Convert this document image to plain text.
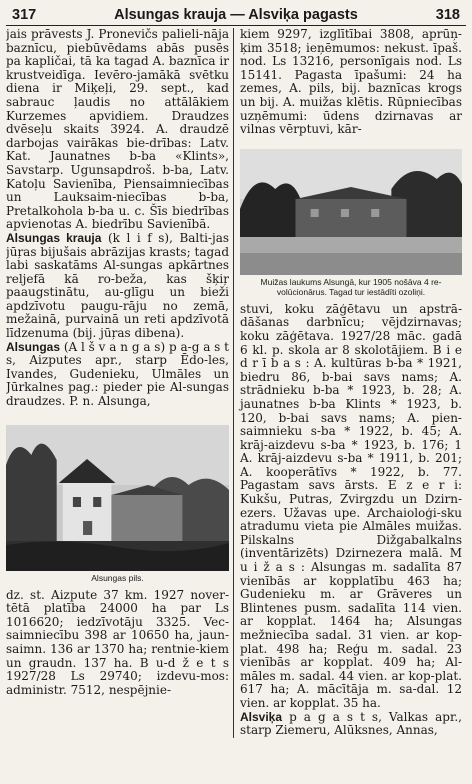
317	Alsungas krauja — Alsviķa pagasts	318

jais prāvests J. Pronevičs palieli-nāja baznīcu, piebūvēdams abās pusēs pa kapličai, tā ka tagad A. baznīca ir krustveidīga. Ievēro-jamākā svētku diena ir Miķeļi, 29. sept., kad sabrauc ļaudis no attālākiem Kurzemes apvidiem. Draudzes dvēseļu skaits 3924. A. draudzē darbojas vairākas bie-drības: Latv. Kat. Jaunatnes b-ba «Klints», Savstarp. Ugunsapdroš. b-ba, Latv. Katoļu Savienība, Piensaimniecības un Lauksaim-niecības b-ba, Pretalkohola b-ba u. c. Šīs biedrības apvienotas A. biedrību Savienībā.

Alsungas krauja (k l i f s), Balti-jas jūŗas bijušais abrāzijas krasts; tagad labi saskatāms Al-sungas apkārtnes reljefā kā ro-beža, kas šķiŗ paaugstinātu, au-glīgu un bieži apdzīvotu paugu-rāju no zemā, mežainā, purvainā un reti apdzīvotā līdzenuma (bij. jūŗas dibena).

Alsungas (A l š v a n g a s) p a-g a s t s, Aizputes apr., starp Ēdo-les, Ivandes, Gudenieku, Ulmāles un Jūrkalnes pag.: pieder pie Al-sungas draudzes. P. n. Alsunga,

Alsungas pils.

dz. st. Aizpute 37 km. 1927 nover-tētā platība 24000 ha par Ls 1016620; iedzīvotāju 3325. Vec-saimniecību 398 ar 10650 ha, jaun-saimn. 136 ar 1370 ha; rentnie-kiem un graudn. 137 ha. B u-d ž e t s 1927/28 Ls 29740; izdevu-mos: administr. 7512, nespējnie-

kiem 9297, izglītībai 3808, aprūņ-ķim 3518; ieņēmumos: nekust. īpaš. nod. Ls 13216, personīgais nod. Ls 15141. Pagasta īpašumi: 24 ha zemes, A. pils, bij. baznīcas krogs un bij. A. muižas klētis. Rūpniecības uzņēmumi: ūdens dzirnavas ar vilnas vērptuvi, kār-

Muižas laukums Alsungā, kur 1905 nošāva 4 re-volūcionārus. Tagad tur iestādīti ozoliņi.

stuvi, koku zāģētavu un apstrā-dāšanas darbnīcu; vējdzirnavas; koku zāģētava. 1927/28 māc. gadā 6 kl. p. skola ar 8 skolotājiem. B i e d r ī b a s : A. kultūras b-ba * 1921, biedru 86, b-bai savs nams; A. strādnieku b-ba * 1923, b. 28; A. jaunatnes b-ba Klints * 1923, b. 120, b-bai savs nams; A. pien-saimnieku s-ba * 1922, b. 45; A. krāj-aizdevu s-ba * 1923, b. 176; 1 A. krāj-aizdevu s-ba * 1911, b. 201; A. kooperātīvs * 1922, b. 77. Pagastam savs ārsts. E z e r i: Kukšu, Putras, Zvirgzdu un Dzirn-ezers. Užavas upe. Archaioloģi-sku atradumu vieta pie Almāles muižas. Pilskalns Dižgabalkalns (inventārizēts) Dzirnezera malā. M u i ž a s : Alsungas m. sadalīta 87 vienībās ar kopplatību 463 ha; Gudenieku m. ar Grāveres un Blintenes pusm. sadalīta 114 vien. ar kopplat. 1464 ha; Alsungas mežniecība sadal. 31 vien. ar kop-plat. 498 ha; Reģu m. sadal. 23 vienībās ar kopplat. 409 ha; Al-māles m. sadal. 44 vien. ar kop-plat. 617 ha; A. mācītāja m. sa-dal. 12 vien. ar kopplat. 35 ha.

Alsviķa p a g a s t s, Valkas apr., starp Ziemeru, Alūksnes, Annas,
